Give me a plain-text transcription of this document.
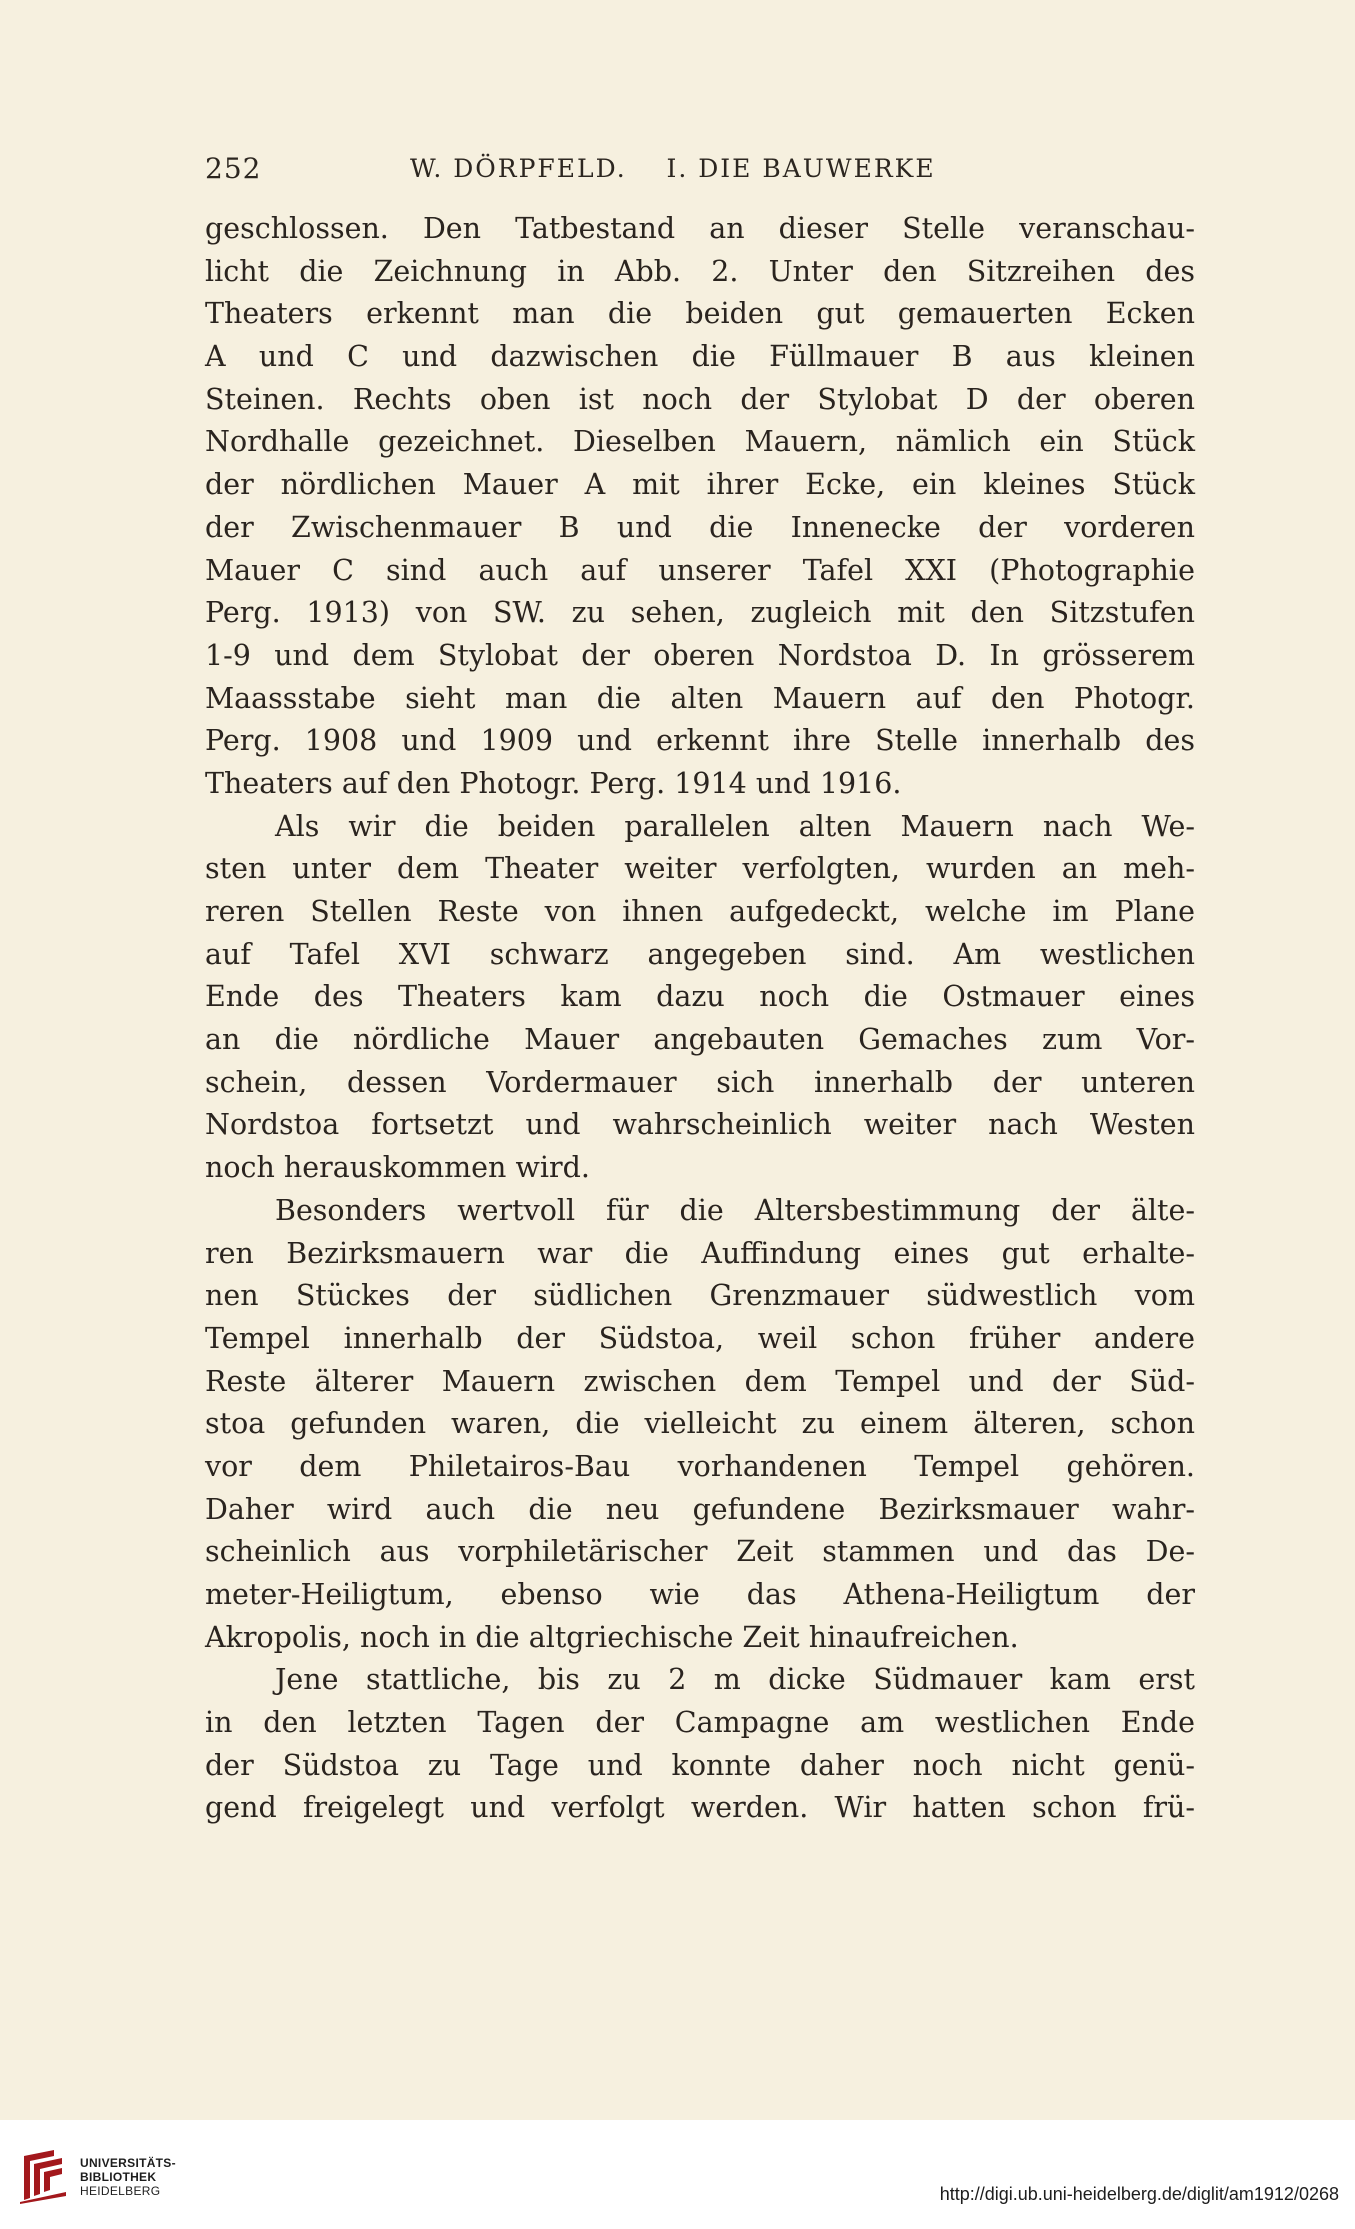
252	W. DÖRPFELD.    I. DIE BAUWERKE
geschlossen. Den Tatbestand an dieser Stelle veranschau-
licht die Zeichnung in Abb. 2. Unter den Sitzreihen des
Theaters erkennt man die beiden gut gemauerten Ecken
A und C und dazwischen die Füllmauer B aus kleinen
Steinen. Rechts oben ist noch der Stylobat D der oberen
Nordhalle gezeichnet. Dieselben Mauern, nämlich ein Stück
der nördlichen Mauer A mit ihrer Ecke, ein kleines Stück
der Zwischenmauer B und die Innenecke der vorderen
Mauer C sind auch auf unserer Tafel XXI (Photographie
Perg. 1913) von SW. zu sehen, zugleich mit den Sitzstufen
1-9 und dem Stylobat der oberen Nordstoa D. In grösserem
Maassstabe sieht man die alten Mauern auf den Photogr.
Perg. 1908 und 1909 und erkennt ihre Stelle innerhalb des
Theaters auf den Photogr. Perg. 1914 und 1916.
Als wir die beiden parallelen alten Mauern nach We-
sten unter dem Theater weiter verfolgten, wurden an meh-
reren Stellen Reste von ihnen aufgedeckt, welche im Plane
auf Tafel XVI schwarz angegeben sind. Am westlichen
Ende des Theaters kam dazu noch die Ostmauer eines
an die nördliche Mauer angebauten Gemaches zum Vor-
schein, dessen Vordermauer sich innerhalb der unteren
Nordstoa fortsetzt und wahrscheinlich weiter nach Westen
noch herauskommen wird.
Besonders wertvoll für die Altersbestimmung der älte-
ren Bezirksmauern war die Auffindung eines gut erhalte-
nen Stückes der südlichen Grenzmauer südwestlich vom
Tempel innerhalb der Südstoa, weil schon früher andere
Reste älterer Mauern zwischen dem Tempel und der Süd-
stoa gefunden waren, die vielleicht zu einem älteren, schon
vor dem Philetairos-Bau vorhandenen Tempel gehören.
Daher wird auch die neu gefundene Bezirksmauer wahr-
scheinlich aus vorphiletärischer Zeit stammen und das De-
meter-Heiligtum, ebenso wie das Athena-Heiligtum der
Akropolis, noch in die altgriechische Zeit hinaufreichen.
Jene stattliche, bis zu 2 m dicke Südmauer kam erst
in den letzten Tagen der Campagne am westlichen Ende
der Südstoa zu Tage und konnte daher noch nicht genü-
gend freigelegt und verfolgt werden. Wir hatten schon frü-
UNIVERSITÄTS-
BIBLIOTHEK
HEIDELBERG	http://digi.ub.uni-heidelberg.de/diglit/am1912/0268
